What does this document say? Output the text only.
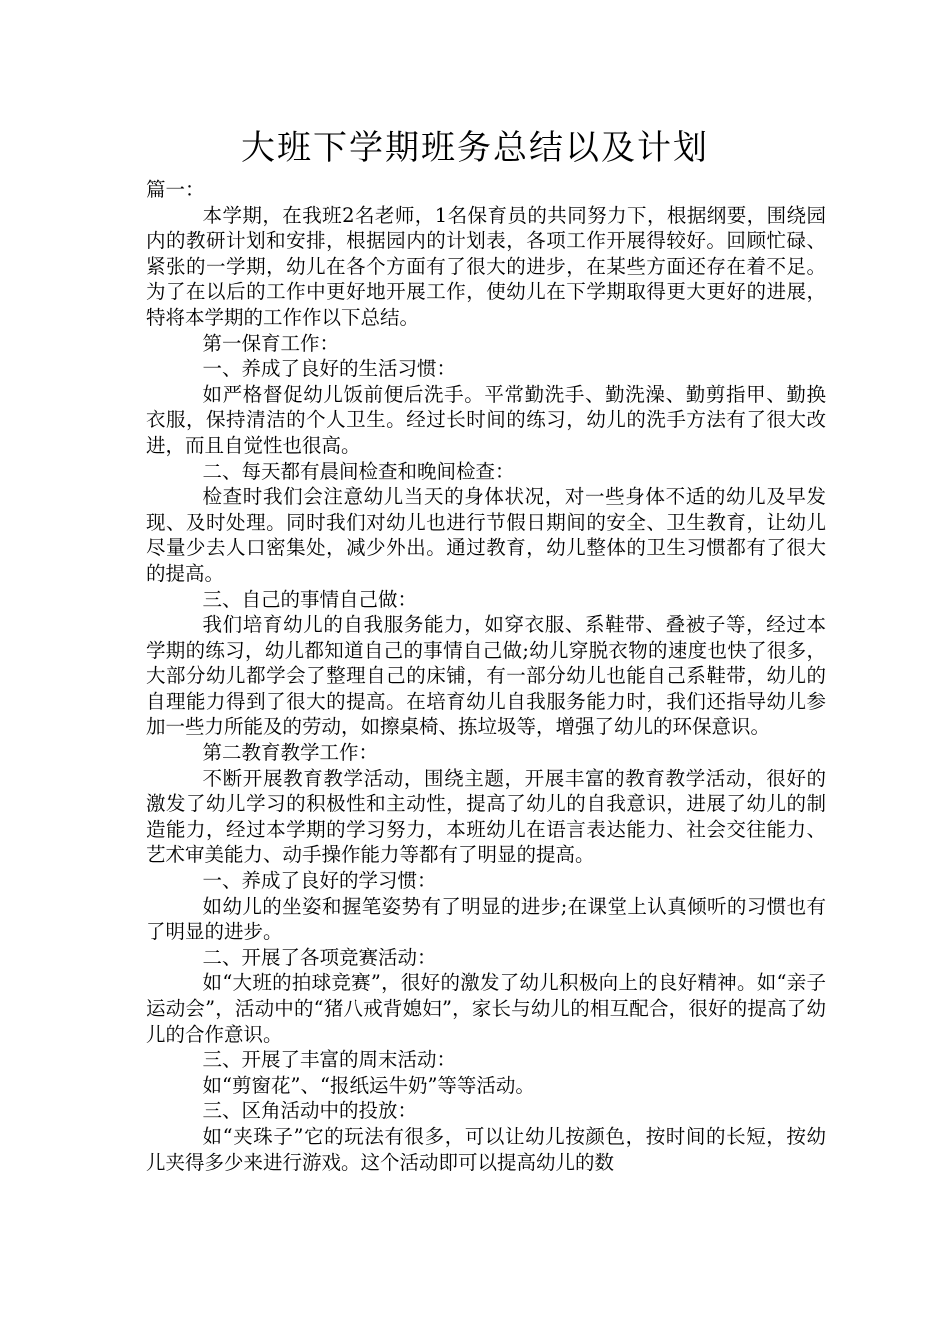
大班下学期班务总结以及计划

篇一：

本学期，在我班2名老师，1名保育员的共同努力下，根据纲要，围绕园内的教研计划和安排，根据园内的计划表，各项工作开展得较好。回顾忙碌、紧张的一学期，幼儿在各个方面有了很大的进步，在某些方面还存在着不足。为了在以后的工作中更好地开展工作，使幼儿在下学期取得更大更好的进展，特将本学期的工作作以下总结。

第一保育工作：

一、养成了良好的生活习惯：

如严格督促幼儿饭前便后洗手。平常勤洗手、勤洗澡、勤剪指甲、勤换衣服，保持清洁的个人卫生。经过长时间的练习，幼儿的洗手方法有了很大改进，而且自觉性也很高。

二、每天都有晨间检查和晚间检查：

检查时我们会注意幼儿当天的身体状况，对一些身体不适的幼儿及早发现、及时处理。同时我们对幼儿也进行节假日期间的安全、卫生教育，让幼儿尽量少去人口密集处，减少外出。通过教育，幼儿整体的卫生习惯都有了很大的提高。

三、自己的事情自己做：

我们培育幼儿的自我服务能力，如穿衣服、系鞋带、叠被子等，经过本学期的练习，幼儿都知道自己的事情自己做;幼儿穿脱衣物的速度也快了很多，大部分幼儿都学会了整理自己的床铺，有一部分幼儿也能自己系鞋带，幼儿的自理能力得到了很大的提高。在培育幼儿自我服务能力时，我们还指导幼儿参加一些力所能及的劳动，如擦桌椅、拣垃圾等，增强了幼儿的环保意识。

第二教育教学工作：

不断开展教育教学活动，围绕主题，开展丰富的教育教学活动，很好的激发了幼儿学习的积极性和主动性，提高了幼儿的自我意识，进展了幼儿的制造能力，经过本学期的学习努力，本班幼儿在语言表达能力、社会交往能力、艺术审美能力、动手操作能力等都有了明显的提高。

一、养成了良好的学习惯：

如幼儿的坐姿和握笔姿势有了明显的进步;在课堂上认真倾听的习惯也有了明显的进步。

二、开展了各项竞赛活动：

如“大班的拍球竞赛”，很好的激发了幼儿积极向上的良好精神。如“亲子运动会”，活动中的“猪八戒背媳妇”，家长与幼儿的相互配合，很好的提高了幼儿的合作意识。

三、开展了丰富的周末活动：

如“剪窗花”、“报纸运牛奶”等等活动。

三、区角活动中的投放：

如“夹珠子”它的玩法有很多，可以让幼儿按颜色，按时间的长短，按幼儿夹得多少来进行游戏。这个活动即可以提高幼儿的数
